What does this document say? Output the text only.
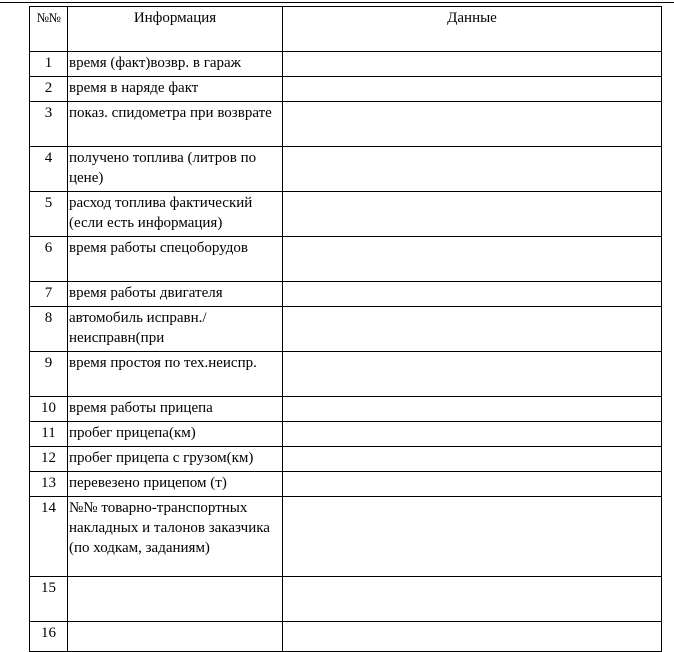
№№	Информация	Данные
1	время (факт)возвр. в гараж	
2	время в наряде факт	
3	показ. спидометра при возврате	
4	получено топлива (литров по цене)	
5	расход топлива фактический (если есть информация)	
6	время работы спецоборудов	
7	время работы двигателя	
8	автомобиль исправн./неисправн(при	
9	время простоя по тех.неиспр.	
10	время работы прицепа	
11	пробег прицепа(км)	
12	пробег прицепа с грузом(км)	
13	перевезено прицепом (т)	
14	№№ товарно-транспортных накладных и талонов заказчика (по ходкам, заданиям)	
15		
16		
